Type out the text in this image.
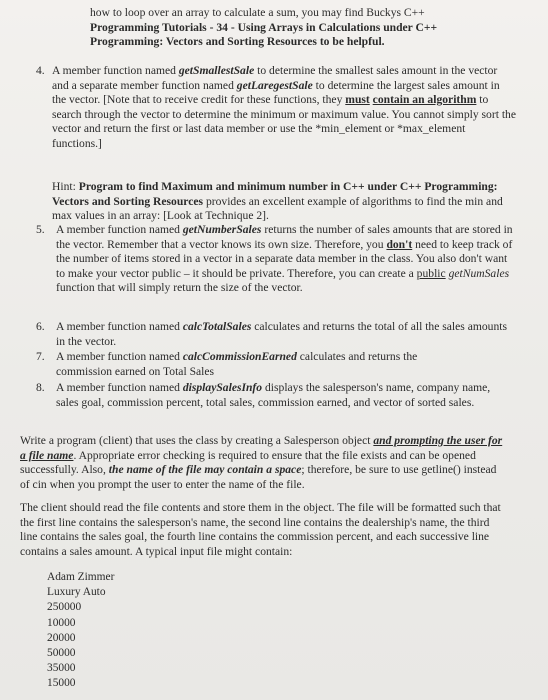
how to loop over an array to calculate a sum, you may find Buckys C++
Programming Tutorials - 34 - Using Arrays in Calculations under C++
Programming: Vectors and Sorting Resources to be helpful.
4. A member function named getSmallestSale to determine the smallest sales amount in the vector and a separate member function named getLaregestSale to determine the largest sales amount in the vector. [Note that to receive credit for these functions, they must contain an algorithm to search through the vector to determine the minimum or maximum value. You cannot simply sort the vector and return the first or last data member or use the *min_element or *max_element functions.]
Hint: Program to find Maximum and minimum number in C++ under C++ Programming: Vectors and Sorting Resources provides an excellent example of algorithms to find the min and max values in an array: [Look at Technique 2].
5. A member function named getNumberSales returns the number of sales amounts that are stored in the vector. Remember that a vector knows its own size. Therefore, you don't need to keep track of the number of items stored in a vector in a separate data member in the class. You also don't want to make your vector public – it should be private. Therefore, you can create a public getNumSales function that will simply return the size of the vector.
6. A member function named calcTotalSales calculates and returns the total of all the sales amounts in the vector.
7. A member function named calcCommissionEarned calculates and returns the commission earned on Total Sales
8. A member function named displaySalesInfo displays the salesperson's name, company name, sales goal, commission percent, total sales, commission earned, and vector of sorted sales.
Write a program (client) that uses the class by creating a Salesperson object and prompting the user for a file name. Appropriate error checking is required to ensure that the file exists and can be opened successfully. Also, the name of the file may contain a space; therefore, be sure to use getline() instead of cin when you prompt the user to enter the name of the file.
The client should read the file contents and store them in the object. The file will be formatted such that the first line contains the salesperson's name, the second line contains the dealership's name, the third line contains the sales goal, the fourth line contains the commission percent, and each successive line contains a sales amount. A typical input file might contain:
Adam Zimmer
Luxury Auto
250000
10000
20000
50000
35000
15000
